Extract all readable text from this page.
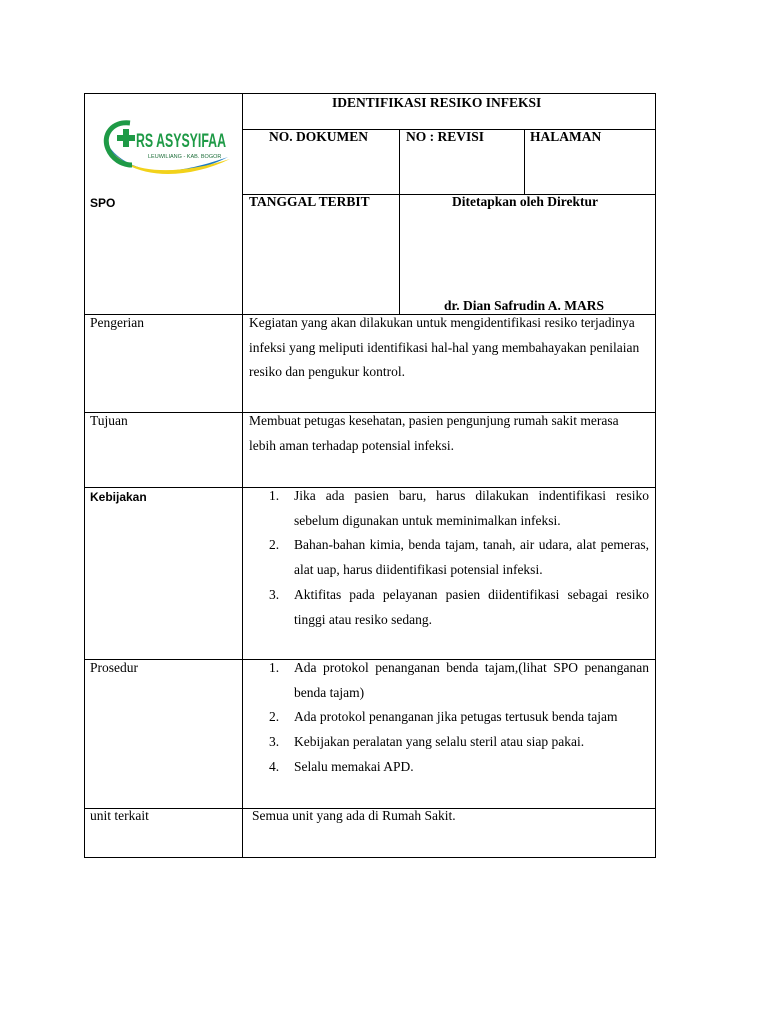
RS ASYSYIFAA
LEUWILIANG - KAB. BOGOR
IDENTIFIKASI RESIKO INFEKSI
NO. DOKUMEN	NO : REVISI	HALAMAN
SPO	TANGGAL TERBIT	Ditetapkan oleh Direktur
dr. Dian Safrudin A. MARS
Pengerian	Kegiatan yang akan dilakukan untuk mengidentifikasi resiko terjadinya
infeksi yang meliputi identifikasi hal-hal yang membahayakan penilaian
resiko dan pengukur kontrol.
Tujuan	Membuat petugas kesehatan, pasien pengunjung rumah sakit merasa
lebih aman terhadap potensial infeksi.
Kebijakan	1. Jika ada pasien baru, harus dilakukan indentifikasi resiko sebelum digunakan untuk meminimalkan infeksi.
2. Bahan-bahan kimia, benda tajam, tanah, air udara, alat pemeras, alat uap, harus diidentifikasi potensial infeksi.
3. Aktifitas pada pelayanan pasien diidentifikasi sebagai resiko tinggi atau resiko sedang.
Prosedur	1. Ada protokol penanganan benda tajam,(lihat SPO penanganan benda tajam)
2. Ada protokol penanganan jika petugas tertusuk benda tajam
3. Kebijakan peralatan yang selalu steril atau siap pakai.
4. Selalu memakai APD.
unit terkait	Semua unit yang ada di Rumah Sakit.
